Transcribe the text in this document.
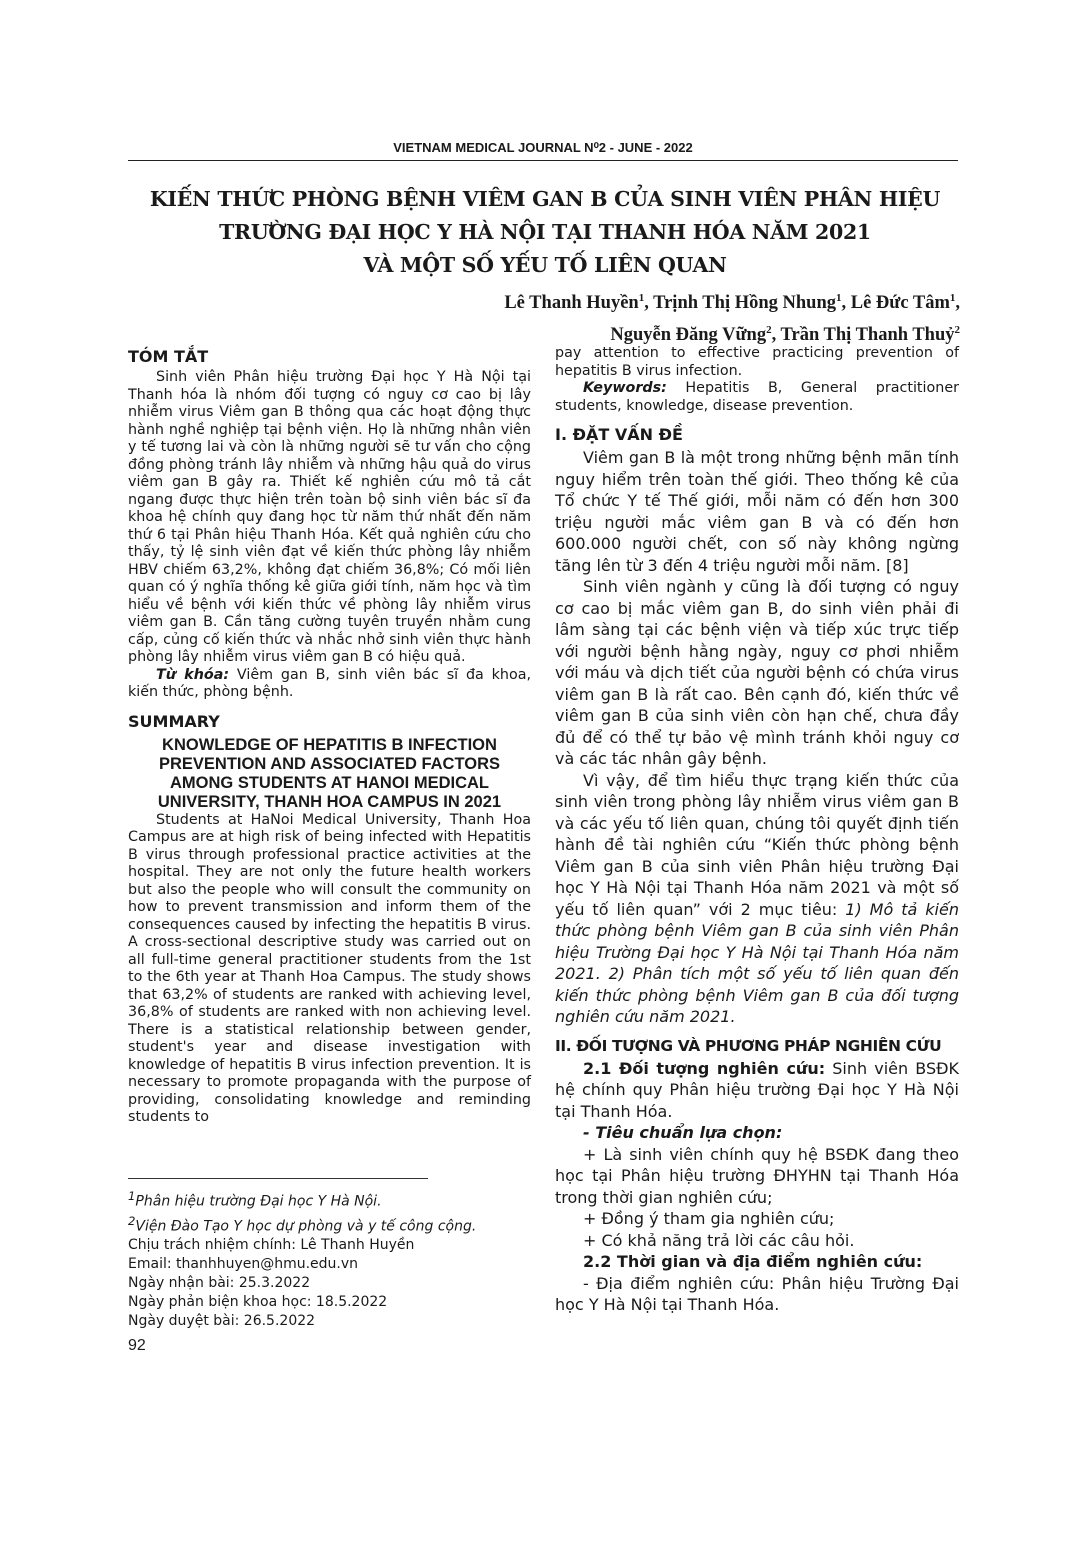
VIETNAM MEDICAL JOURNAL N⁰2 - JUNE - 2022
KIẾN THỨC PHÒNG BỆNH VIÊM GAN B CỦA SINH VIÊN PHÂN HIỆU
TRƯỜNG ĐẠI HỌC Y HÀ NỘI TẠI THANH HÓA NĂM 2021
VÀ MỘT SỐ YẾU TỐ LIÊN QUAN
Lê Thanh Huyền$^1$, Trịnh Thị Hồng Nhung$^1$, Lê Đức Tâm$^1$,
Nguyễn Đăng Vững$^2$, Trần Thị Thanh Thuỷ$^2$
TÓM TẮT

Sinh viên Phân hiệu trường Đại học Y Hà Nội tại Thanh hóa là nhóm đối tượng có nguy cơ cao bị lây nhiễm virus Viêm gan B thông qua các hoạt động thực hành nghề nghiệp tại bệnh viện. Họ là những nhân viên y tế tương lai và còn là những người sẽ tư vấn cho cộng đồng phòng tránh lây nhiễm và những hậu quả do virus viêm gan B gây ra. Thiết kế nghiên cứu mô tả cắt ngang được thực hiện trên toàn bộ sinh viên bác sĩ đa khoa hệ chính quy đang học từ năm thứ nhất đến năm thứ 6 tại Phân hiệu Thanh Hóa. Kết quả nghiên cứu cho thấy, tỷ lệ sinh viên đạt về kiến thức phòng lây nhiễm HBV chiếm 63,2%, không đạt chiếm 36,8%; Có mối liên quan có ý nghĩa thống kê giữa giới tính, năm học và tìm hiểu về bệnh với kiến thức về phòng lây nhiễm virus viêm gan B. Cần tăng cường tuyên truyền nhằm cung cấp, củng cố kiến thức và nhắc nhở sinh viên thực hành phòng lây nhiễm virus viêm gan B có hiệu quả.

Từ khóa: Viêm gan B, sinh viên bác sĩ đa khoa, kiến thức, phòng bệnh.

SUMMARY
KNOWLEDGE OF HEPATITIS B INFECTION PREVENTION AND ASSOCIATED FACTORS AMONG STUDENTS AT HANOI MEDICAL UNIVERSITY, THANH HOA CAMPUS IN 2021

Students at HaNoi Medical University, Thanh Hoa Campus are at high risk of being infected with Hepatitis B virus through professional practice activities at the hospital. They are not only the future health workers but also the people who will consult the community on how to prevent transmission and inform them of the consequences caused by infecting the hepatitis B virus. A cross-sectional descriptive study was carried out on all full-time general practitioner students from the 1st to the 6th year at Thanh Hoa Campus. The study shows that 63,2% of students are ranked with achieving level, 36,8% of students are ranked with non achieving level. There is a statistical relationship between gender, student's year and disease investigation with knowledge of hepatitis B virus infection prevention. It is necessary to promote propaganda with the purpose of providing, consolidating knowledge and reminding students to

pay attention to effective practicing prevention of hepatitis B virus infection.

Keywords: Hepatitis B, General practitioner students, knowledge, disease prevention.

I. ĐẶT VẤN ĐỀ

Viêm gan B là một trong những bệnh mãn tính nguy hiểm trên toàn thế giới. Theo thống kê của Tổ chức Y tế Thế giới, mỗi năm có đến hơn 300 triệu người mắc viêm gan B và có đến hơn 600.000 người chết, con số này không ngừng tăng lên từ 3 đến 4 triệu người mỗi năm. [8]

Sinh viên ngành y cũng là đối tượng có nguy cơ cao bị mắc viêm gan B, do sinh viên phải đi lâm sàng tại các bệnh viện và tiếp xúc trực tiếp với người bệnh hằng ngày, nguy cơ phơi nhiễm với máu và dịch tiết của người bệnh có chứa virus viêm gan B là rất cao. Bên cạnh đó, kiến thức về viêm gan B của sinh viên còn hạn chế, chưa đầy đủ để có thể tự bảo vệ mình tránh khỏi nguy cơ và các tác nhân gây bệnh.

Vì vậy, để tìm hiểu thực trạng kiến thức của sinh viên trong phòng lây nhiễm virus viêm gan B và các yếu tố liên quan, chúng tôi quyết định tiến hành đề tài nghiên cứu “Kiến thức phòng bệnh Viêm gan B của sinh viên Phân hiệu trường Đại học Y Hà Nội tại Thanh Hóa năm 2021 và một số yếu tố liên quan” với 2 mục tiêu: 1) Mô tả kiến thức phòng bệnh Viêm gan B của sinh viên Phân hiệu Trường Đại học Y Hà Nội tại Thanh Hóa năm 2021. 2) Phân tích một số yếu tố liên quan đến kiến thức phòng bệnh Viêm gan B của đối tượng nghiên cứu năm 2021.

II. ĐỐI TƯỢNG VÀ PHƯƠNG PHÁP NGHIÊN CỨU

2.1 Đối tượng nghiên cứu: Sinh viên BSĐK hệ chính quy Phân hiệu trường Đại học Y Hà Nội tại Thanh Hóa.

- Tiêu chuẩn lựa chọn:

+ Là sinh viên chính quy hệ BSĐK đang theo học tại Phân hiệu trường ĐHYHN tại Thanh Hóa trong thời gian nghiên cứu;

+ Đồng ý tham gia nghiên cứu;

+ Có khả năng trả lời các câu hỏi.

2.2 Thời gian và địa điểm nghiên cứu:

- Địa điểm nghiên cứu: Phân hiệu Trường Đại học Y Hà Nội tại Thanh Hóa.

$^1$Phân hiệu trường Đại học Y Hà Nội.
$^2$Viện Đào Tạo Y học dự phòng và y tế công cộng.
Chịu trách nhiệm chính: Lê Thanh Huyền
Email: thanhhuyen@hmu.edu.vn
Ngày nhận bài: 25.3.2022
Ngày phản biện khoa học: 18.5.2022
Ngày duyệt bài: 26.5.2022
92
